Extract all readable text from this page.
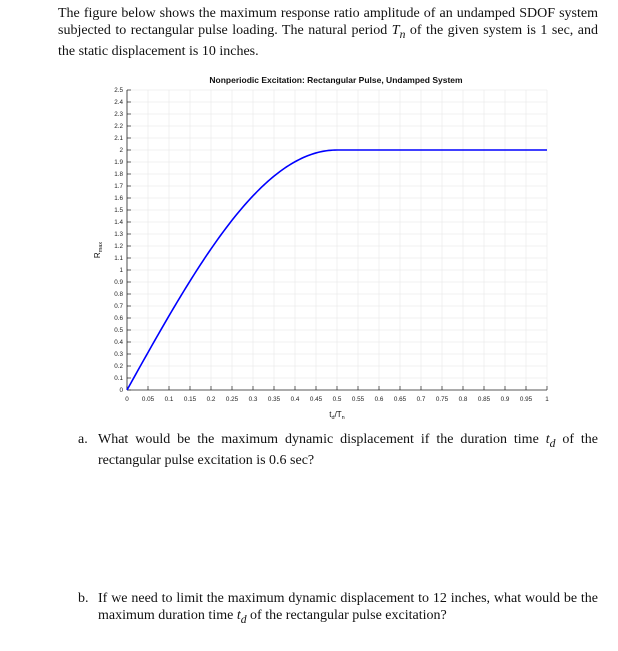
The figure below shows the maximum response ratio amplitude of an undamped SDOF system subjected to rectangular pulse loading. The natural period $T_n$ of the given system is 1 sec, and the static displacement is 10 inches.

0
0.1
0.2
0.3
0.4
0.5
0.6
0.7
0.8
0.9
1
1.1
1.2
1.3
1.4
1.5
1.6
1.7
1.8
1.9
2
2.1
2.2
2.3
2.4
2.5
0 0.05 0.1 0.15 0.2 0.25 0.3 0.35 0.4 0.45 0.5 0.55 0.6 0.65 0.7 0.75 0.8 0.85 0.9 0.95 1
Nonperiodic Excitation: Rectangular Pulse, Undamped System
$t_d/T_n$
$R_{max}$
a. What would be the maximum dynamic displacement if the duration time $t_d$ of the rectangular pulse excitation is 0.6 sec?
b. If we need to limit the maximum dynamic displacement to 12 inches, what would be the maximum duration time $t_d$ of the rectangular pulse excitation?
